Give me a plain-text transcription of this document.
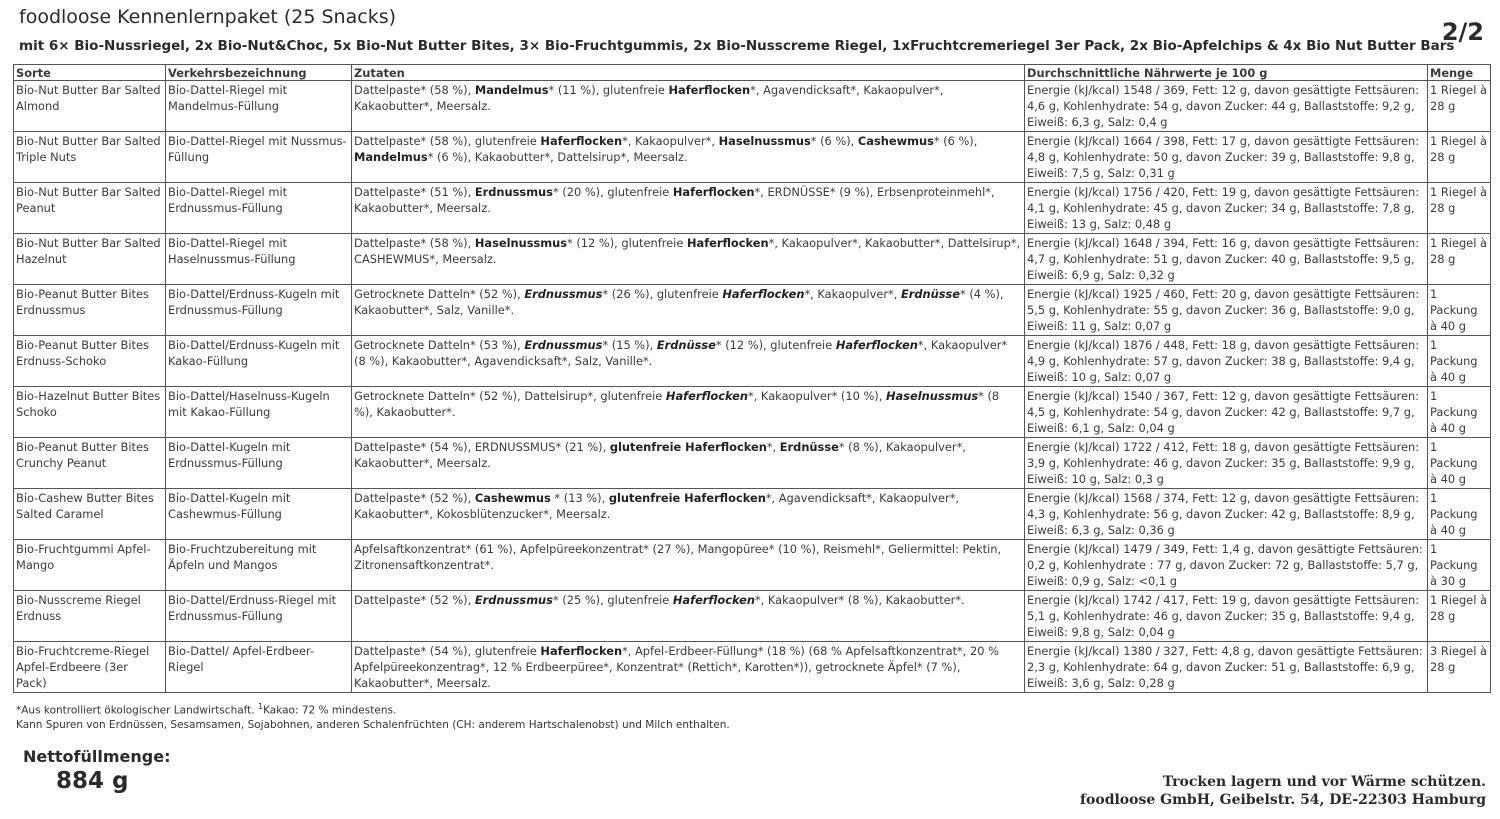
foodloose Kennenlernpaket (25 Snacks)
mit 6× Bio-Nussriegel, 2x Bio-Nut&Choc, 5x Bio-Nut Butter Bites, 3× Bio-Fruchtgummis, 2x Bio-Nusscreme Riegel, 1xFruchtcremeriegel 3er Pack, 2x Bio-Apfelchips & 4x Bio Nut Butter Bars
2/2
Sorte	Verkehrsbezeichnung	Zutaten	Durchschnittliche Nährwerte je 100 g	Menge
Bio-Nut Butter Bar Salted Almond	Bio-Dattel-Riegel mit Mandelmus-Füllung	Dattelpaste* (58 %), Mandelmus* (11 %), glutenfreie Haferflocken*, Agavendicksaft*, Kakaopulver*, Kakaobutter*, Meersalz.	Energie (kJ/kcal) 1548 / 369, Fett: 12 g, davon gesättigte Fettsäuren: 4,6 g, Kohlenhydrate: 54 g, davon Zucker: 44 g, Ballaststoffe: 9,2 g, Eiweiß: 6,3 g, Salz: 0,4 g	1 Riegel à 28 g
Bio-Nut Butter Bar Salted Triple Nuts	Bio-Dattel-Riegel mit Nussmus-Füllung	Dattelpaste* (58 %), glutenfreie Haferflocken*, Kakaopulver*, Haselnussmus* (6 %), Cashewmus* (6 %), Mandelmus* (6 %), Kakaobutter*, Dattelsirup*, Meersalz.	Energie (kJ/kcal) 1664 / 398, Fett: 17 g, davon gesättigte Fettsäuren: 4,8 g, Kohlenhydrate: 50 g, davon Zucker: 39 g, Ballaststoffe: 9,8 g, Eiweiß: 7,5 g, Salz: 0,31 g	1 Riegel à 28 g
Bio-Nut Butter Bar Salted Peanut	Bio-Dattel-Riegel mit Erdnussmus-Füllung	Dattelpaste* (51 %), Erdnussmus* (20 %), glutenfreie Haferflocken*, ERDNÜSSE* (9 %), Erbsenproteinmehl*, Kakaobutter*, Meersalz.	Energie (kJ/kcal) 1756 / 420, Fett: 19 g, davon gesättigte Fettsäuren: 4,1 g, Kohlenhydrate: 45 g, davon Zucker: 34 g, Ballaststoffe: 7,8 g, Eiweiß: 13 g, Salz: 0,48 g	1 Riegel à 28 g
Bio-Nut Butter Bar Salted Hazelnut	Bio-Dattel-Riegel mit Haselnussmus-Füllung	Dattelpaste* (58 %), Haselnussmus* (12 %), glutenfreie Haferflocken*, Kakaopulver*, Kakaobutter*, Dattelsirup*, CASHEWMUS*, Meersalz.	Energie (kJ/kcal) 1648 / 394, Fett: 16 g, davon gesättigte Fettsäuren: 4,7 g, Kohlenhydrate: 51 g, davon Zucker: 40 g, Ballaststoffe: 9,5 g, Eiweiß: 6,9 g, Salz: 0,32 g	1 Riegel à 28 g
Bio-Peanut Butter Bites Erdnussmus	Bio-Dattel/Erdnuss-Kugeln mit Erdnussmus-Füllung	Getrocknete Datteln* (52 %), Erdnussmus* (26 %), glutenfreie Haferflocken*, Kakaopulver*, Erdnüsse* (4 %), Kakaobutter*, Salz, Vanille*.	Energie (kJ/kcal) 1925 / 460, Fett: 20 g, davon gesättigte Fettsäuren: 5,5 g, Kohlenhydrate: 55 g, davon Zucker: 36 g, Ballaststoffe: 9,0 g, Eiweiß: 11 g, Salz: 0,07 g	1 Packung à 40 g
Bio-Peanut Butter Bites Erdnuss-Schoko	Bio-Dattel/Erdnuss-Kugeln mit Kakao-Füllung	Getrocknete Datteln* (53 %), Erdnussmus* (15 %), Erdnüsse* (12 %), glutenfreie Haferflocken*, Kakaopulver* (8 %), Kakaobutter*, Agavendicksaft*, Salz, Vanille*.	Energie (kJ/kcal) 1876 / 448, Fett: 18 g, davon gesättigte Fettsäuren: 4,9 g, Kohlenhydrate: 57 g, davon Zucker: 38 g, Ballaststoffe: 9,4 g, Eiweiß: 10 g, Salz: 0,07 g	1 Packung à 40 g
Bio-Hazelnut Butter Bites Schoko	Bio-Dattel/Haselnuss-Kugeln mit Kakao-Füllung	Getrocknete Datteln* (52 %), Dattelsirup*, glutenfreie Haferflocken*, Kakaopulver* (10 %), Haselnussmus* (8 %), Kakaobutter*.	Energie (kJ/kcal) 1540 / 367, Fett: 12 g, davon gesättigte Fettsäuren: 4,5 g, Kohlenhydrate: 54 g, davon Zucker: 42 g, Ballaststoffe: 9,7 g, Eiweiß: 6,1 g, Salz: 0,04 g	1 Packung à 40 g
Bio-Peanut Butter Bites Crunchy Peanut	Bio-Dattel-Kugeln mit Erdnussmus-Füllung	Dattelpaste* (54 %), ERDNUSSMUS* (21 %), glutenfreie Haferflocken*, Erdnüsse* (8 %), Kakaopulver*, Kakaobutter*, Meersalz.	Energie (kJ/kcal) 1722 / 412, Fett: 18 g, davon gesättigte Fettsäuren: 3,9 g, Kohlenhydrate: 46 g, davon Zucker: 35 g, Ballaststoffe: 9,9 g, Eiweiß: 10 g, Salz: 0,3 g	1 Packung à 40 g
Bio-Cashew Butter Bites Salted Caramel	Bio-Dattel-Kugeln mit Cashewmus-Füllung	Dattelpaste* (52 %), Cashewmus * (13 %), glutenfreie Haferflocken*, Agavendicksaft*, Kakaopulver*, Kakaobutter*, Kokosblütenzucker*, Meersalz.	Energie (kJ/kcal) 1568 / 374, Fett: 12 g, davon gesättigte Fettsäuren: 4,3 g, Kohlenhydrate: 56 g, davon Zucker: 42 g, Ballaststoffe: 8,9 g, Eiweiß: 6,3 g, Salz: 0,36 g	1 Packung à 40 g
Bio-Fruchtgummi Apfel-Mango	Bio-Fruchtzubereitung mit Äpfeln und Mangos	Apfelsaftkonzentrat* (61 %), Apfelpüreekonzentrat* (27 %), Mangopüree* (10 %), Reismehl*, Geliermittel: Pektin, Zitronensaftkonzentrat*.	Energie (kJ/kcal) 1479 / 349, Fett: 1,4 g, davon gesättigte Fettsäuren: 0,2 g, Kohlenhydrate : 77 g, davon Zucker: 72 g, Ballaststoffe: 5,7 g, Eiweiß: 0,9 g, Salz: <0,1 g	1 Packung à 30 g
Bio-Nusscreme Riegel Erdnuss	Bio-Dattel/Erdnuss-Riegel mit Erdnussmus-Füllung	Dattelpaste* (52 %), Erdnussmus* (25 %), glutenfreie Haferflocken*, Kakaopulver* (8 %), Kakaobutter*.	Energie (kJ/kcal) 1742 / 417, Fett: 19 g, davon gesättigte Fettsäuren: 5,1 g, Kohlenhydrate: 46 g, davon Zucker: 35 g, Ballaststoffe: 9,4 g, Eiweiß: 9,8 g, Salz: 0,04 g	1 Riegel à 28 g
Bio-Fruchtcreme-Riegel Apfel-Erdbeere (3er Pack)	Bio-Dattel/ Apfel-Erdbeer-Riegel	Dattelpaste* (54 %), glutenfreie Haferflocken*, Apfel-Erdbeer-Füllung* (18 %) (68 % Apfelsaftkonzentrat*, 20 % Apfelpüreekonzentrag*, 12 % Erdbeerpüree*, Konzentrat* (Rettich*, Karotten*)), getrocknete Äpfel* (7 %), Kakaobutter*, Meersalz.	Energie (kJ/kcal) 1380 / 327, Fett: 4,8 g, davon gesättigte Fettsäuren: 2,3 g, Kohlenhydrate: 64 g, davon Zucker: 51 g, Ballaststoffe: 6,9 g, Eiweiß: 3,6 g, Salz: 0,28 g	3 Riegel à 28 g
*Aus kontrolliert ökologischer Landwirtschaft. $^1$Kakao: 72 % mindestens.
Kann Spuren von Erdnüssen, Sesamsamen, Sojabohnen, anderen Schalenfrüchten (CH: anderem Hartschalenobst) und Milch enthalten.
Nettofüllmenge:
884 g	Trocken lagern und vor Wärme schützen.
foodloose GmbH, Geibelstr. 54, DE-22303 Hamburg
